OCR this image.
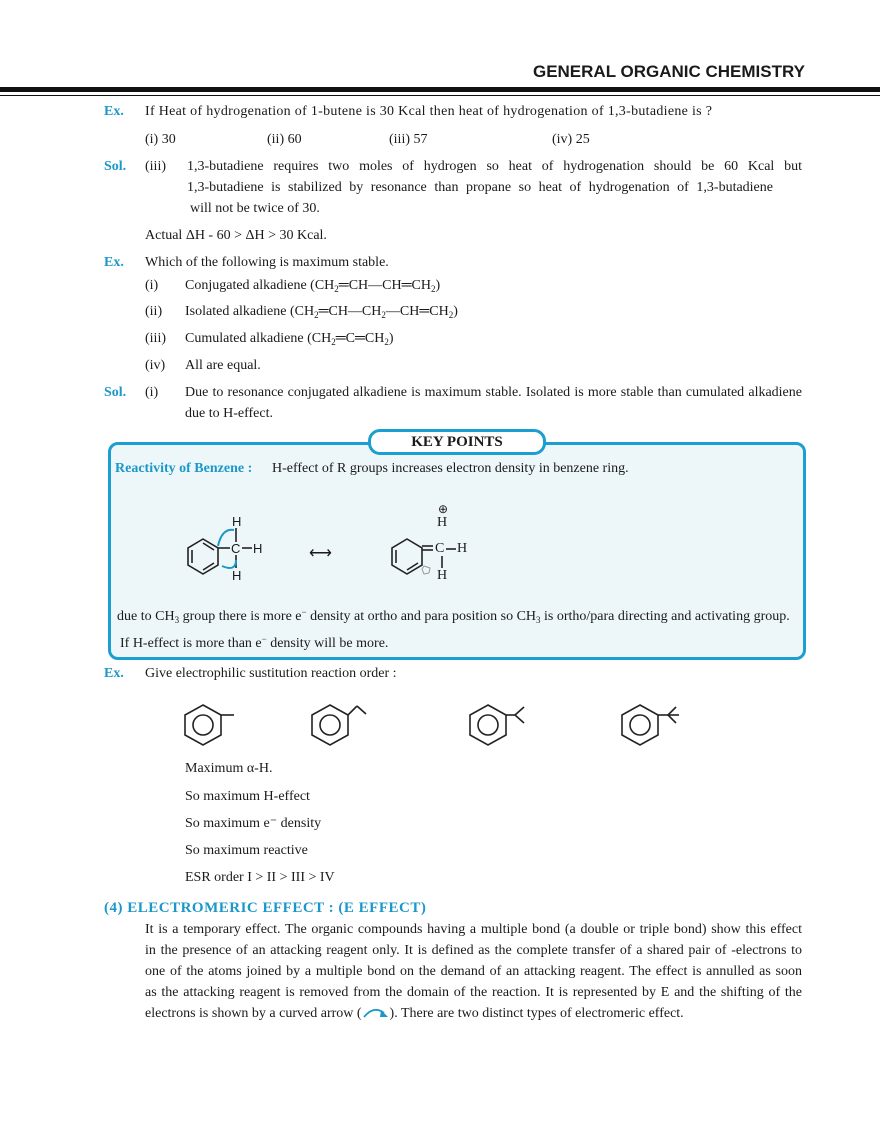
GENERAL ORGANIC CHEMISTRY
Ex. If Heat of hydrogenation of 1-butene is 30 Kcal then heat of hydrogenation of 1,3-butadiene is ?
(i) 30	(ii) 60	(iii) 57	(iv) 25
Sol. (iii) 1,3-butadiene requires two moles of hydrogen so heat of hydrogenation should be 60 Kcal but
1,3-butadiene is stabilized by resonance than propane so heat of hydrogenation of 1,3-butadiene
will not be twice of 30.
Actual ΔH - 60 > ΔH > 30 Kcal.
Ex. Which of the following is maximum stable.
(i) Conjugated alkadiene $(CH_2═CH—CH═CH_2)$
(ii) Isolated alkadiene $(CH_2═CH—CH_2—CH═CH_2)$
(iii) Cumulated alkadiene $(CH_2═C═CH_2)$
(iv) All are equal.
Sol. (i) Due to resonance conjugated alkadiene is maximum stable. Isolated is more stable than cumulated alkadiene
due to H-effect.
KEY POINTS
Reactivity of Benzene : H-effect of R groups increases electron density in benzene ring.
H
C H
H
⟷
⊕
H
C H
H
due to $CH_3$ group there is more e− density at ortho and para position so $CH_3$ is ortho/para directing and activating group.
If H-effect is more than e− density will be more.
Ex. Give electrophilic sustitution reaction order :
Maximum α-H.
So maximum H-effect
So maximum e⁻ density
So maximum reactive
ESR order I > II > III > IV
(4) ELECTROMERIC EFFECT : (E EFFECT)
It is a temporary effect. The organic compounds having a multiple bond (a double or triple bond) show this effect
in the presence of an attacking reagent only. It is defined as the complete transfer of a shared pair of -electrons to
one of the atoms joined by a multiple bond on the demand of an attacking reagent. The effect is annulled as soon
as the attacking reagent is removed from the domain of the reaction. It is represented by E and the shifting of the
electrons is shown by a curved arrow ( ). There are two distinct types of electromeric effect.
